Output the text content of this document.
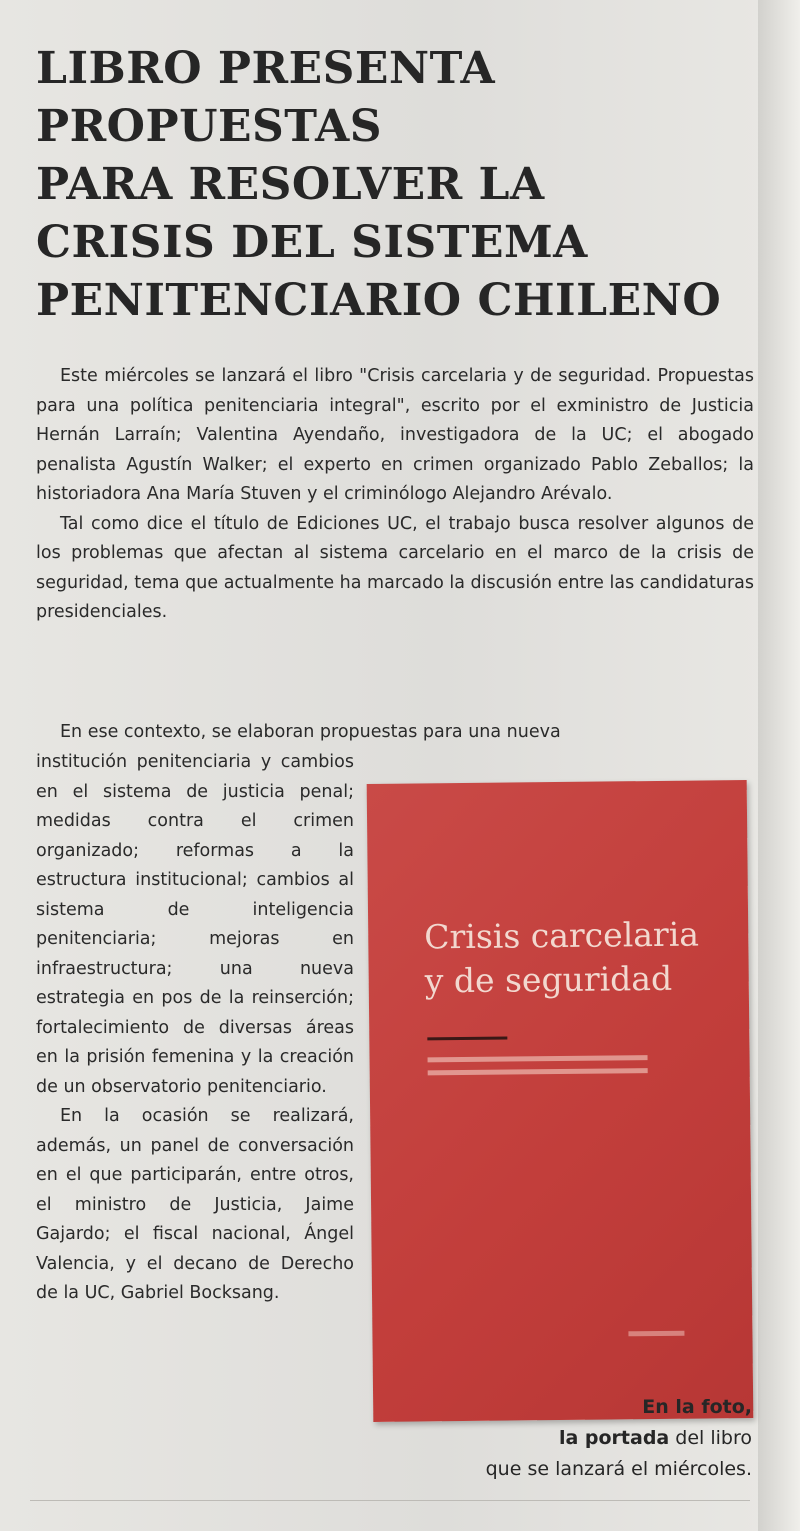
LIBRO PRESENTA
PROPUESTAS
PARA RESOLVER LA
CRISIS DEL SISTEMA
PENITENCIARIO CHILENO

Este miércoles se lanzará el libro "Crisis carcelaria y de seguridad. Propuestas para una política penitenciaria integral", escrito por el exministro de Justicia Hernán Larraín; Valentina Ayendaño, investigadora de la UC; el abogado penalista Agustín Walker; el experto en crimen organizado Pablo Zeballos; la historiadora Ana María Stuven y el criminólogo Alejandro Arévalo.

Tal como dice el título de Ediciones UC, el trabajo busca resolver algunos de los problemas que afectan al sistema carcelario en el marco de la crisis de seguridad, tema que actualmente ha marcado la discusión entre las candidaturas presidenciales.

En ese contexto, se elaboran propuestas para una nueva

institución penitenciaria y cambios en el sistema de justicia penal; medidas contra el crimen organizado; reformas a la estructura institucional; cambios al sistema de inteligencia penitenciaria; mejoras en infraestructura; una nueva estrategia en pos de la reinserción; fortalecimiento de diversas áreas en la prisión femenina y la creación de un observatorio penitenciario.

En la ocasión se realizará, además, un panel de conversación en el que participarán, entre otros, el ministro de Justicia, Jaime Gajardo; el fiscal nacional, Ángel Valencia, y el decano de Derecho de la UC, Gabriel Bocksang.

Crisis carcelaria
y de seguridad
En la foto,
la portada del libro
que se lanzará el miércoles.
